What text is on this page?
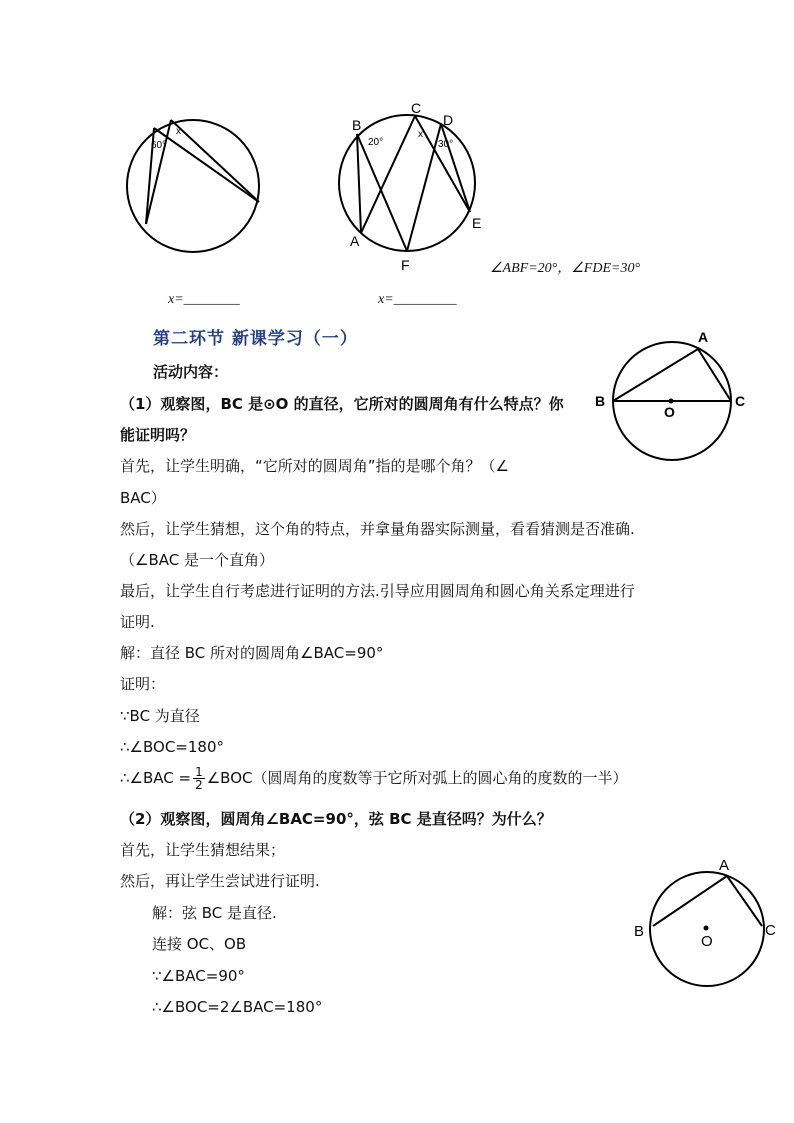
60°
x	B
C
D
A
E
F
20°
x
30°
∠ABF=20°，∠FDE=30°
x=________	x=_________
第二环节 新课学习（一）	A
B	C
O
A
B	C
O
活动内容：
（1）观察图，BC 是⊙O 的直径，它所对的圆周角有什么特点？你
能证明吗？
首先，让学生明确，“它所对的圆周角”指的是哪个角？（∠
BAC）
然后，让学生猜想，这个角的特点，并拿量角器实际测量，看看猜测是否准确.
（∠BAC 是一个直角）
最后，让学生自行考虑进行证明的方法.引导应用圆周角和圆心角关系定理进行
证明.
解：直径 BC 所对的圆周角∠BAC=90°
证明：
∵BC 为直径
∴∠BOC=180°
∴∠BAC = $\frac{1}{2}$ ∠BOC（圆周角的度数等于它所对弧上的圆心角的度数的一半）
（2）观察图，圆周角∠BAC=90°，弦 BC 是直径吗？为什么？
首先，让学生猜想结果；
然后，再让学生尝试进行证明.
解：弦 BC 是直径.
连接 OC、OB
∵∠BAC=90°
∴∠BOC=2∠BAC=180°
